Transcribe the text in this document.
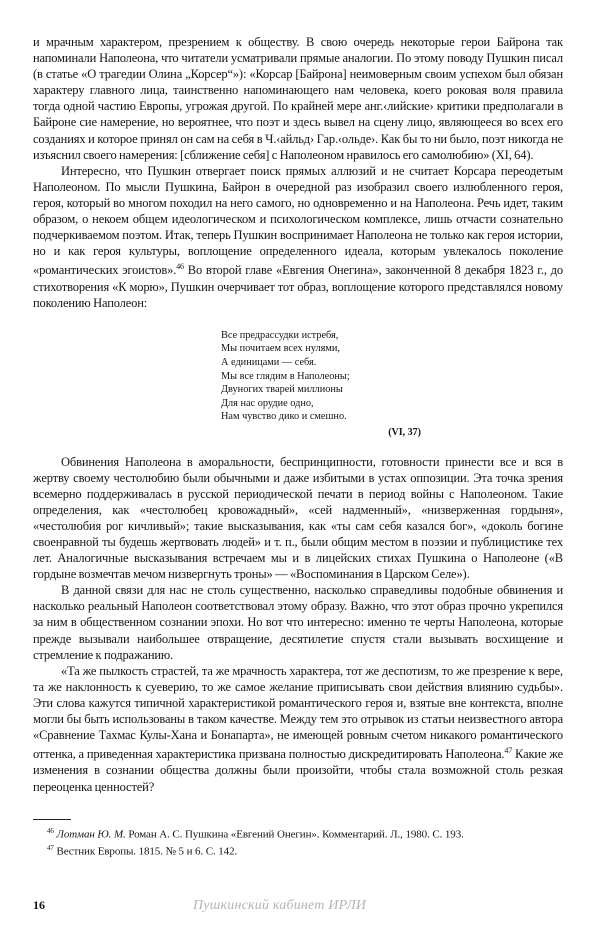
и мрачным характером, презрением к обществу. В свою очередь некоторые герои Байрона так напоминали Наполеона, что читатели усматривали прямые аналогии. По этому поводу Пушкин писал (в статье «О трагедии Олина „Корсер“»): «Корсар [Байрона] неимоверным своим успехом был обязан характеру главного лица, таинственно напоминающего нам человека, коего роковая воля правила тогда одной частию Европы, угрожая другой. По крайней мере анг.‹лийские› критики предполагали в Байроне сие намерение, но вероятнее, что поэт и здесь вывел на сцену лицо, являющееся во всех его созданиях и которое принял он сам на себя в Ч.‹айльд› Гар.‹ольде›. Как бы то ни было, поэт никогда не изъяснил своего намерения: [сближение себя] с Наполеоном нравилось его самолюбию» (XI, 64).

Интересно, что Пушкин отвергает поиск прямых аллюзий и не считает Корсара переодетым Наполеоном. По мысли Пушкина, Байрон в очередной раз изобразил своего излюбленного героя, героя, который во многом походил на него самого, но одновременно и на Наполеона. Речь идет, таким образом, о некоем общем идеологическом и психологическом комплексе, лишь отчасти сознательно подчеркиваемом поэтом. Итак, теперь Пушкин воспринимает Наполеона не только как героя истории, но и как героя культуры, воплощение определенного идеала, которым увлекалось поколение «романтических эгоистов».$^{46}$ Во второй главе «Евгения Онегина», законченной 8 декабря 1823 г., до стихотворения «К морю», Пушкин очерчивает тот образ, воплощение которого представлялся новому поколению Наполеон:

Все предрассудки истребя,
Мы почитаем всех нулями,
А единицами — себя.
Мы все глядим в Наполеоны;
Двуногих тварей миллионы
Для нас орудие одно,
Нам чувство дико и смешно.
(VI, 37)

Обвинения Наполеона в аморальности, беспринципности, готовности принести все и вся в жертву своему честолюбию были обычными и даже избитыми в устах оппозиции. Эта точка зрения всемерно поддерживалась в русской периодической печати в период войны с Наполеоном. Такие определения, как «честолюбец кровожадный», «сей надменный», «низверженная гордыня», «честолюбия рог кичливый»; такие высказывания, как «ты сам себя казался бог», «доколь богине своенравной ты будешь жертвовать людей» и т. п., были общим местом в поэзии и публицистике тех лет. Аналогичные высказывания встречаем мы и в лицейских стихах Пушкина о Наполеоне («В гордыне возмечтав мечом низвергнуть троны» — «Воспоминания в Царском Селе»).

В данной связи для нас не столь существенно, насколько справедливы подобные обвинения и насколько реальный Наполеон соответствовал этому образу. Важно, что этот образ прочно укрепился за ним в общественном сознании эпохи. Но вот что интересно: именно те черты Наполеона, которые прежде вызывали наибольшее отвращение, десятилетие спустя стали вызывать восхищение и стремление к подражанию.

«Та же пылкость страстей, та же мрачность характера, тот же деспотизм, то же презрение к вере, та же наклонность к суеверию, то же самое желание приписывать свои действия влиянию судьбы». Эти слова кажутся типичной характеристикой романтического героя и, взятые вне контекста, вполне могли бы быть использованы в таком качестве. Между тем это отрывок из статьи неизвестного автора «Сравнение Тахмас Кулы-Хана и Бонапарта», не имеющей ровным счетом никакого романтического оттенка, а приведенная характеристика призвана полностью дискредитировать Наполеона.$^{47}$ Какие же изменения в сознании общества должны были произойти, чтобы стала возможной столь резкая переоценка ценностей?

$^{46}$ Лотман Ю. М. Роман А. С. Пушкина «Евгений Онегин». Комментарий. Л., 1980. С. 193.

$^{47}$ Вестник Европы. 1815. № 5 и 6. С. 142.

16	Пушкинский кабинет ИРЛИ
